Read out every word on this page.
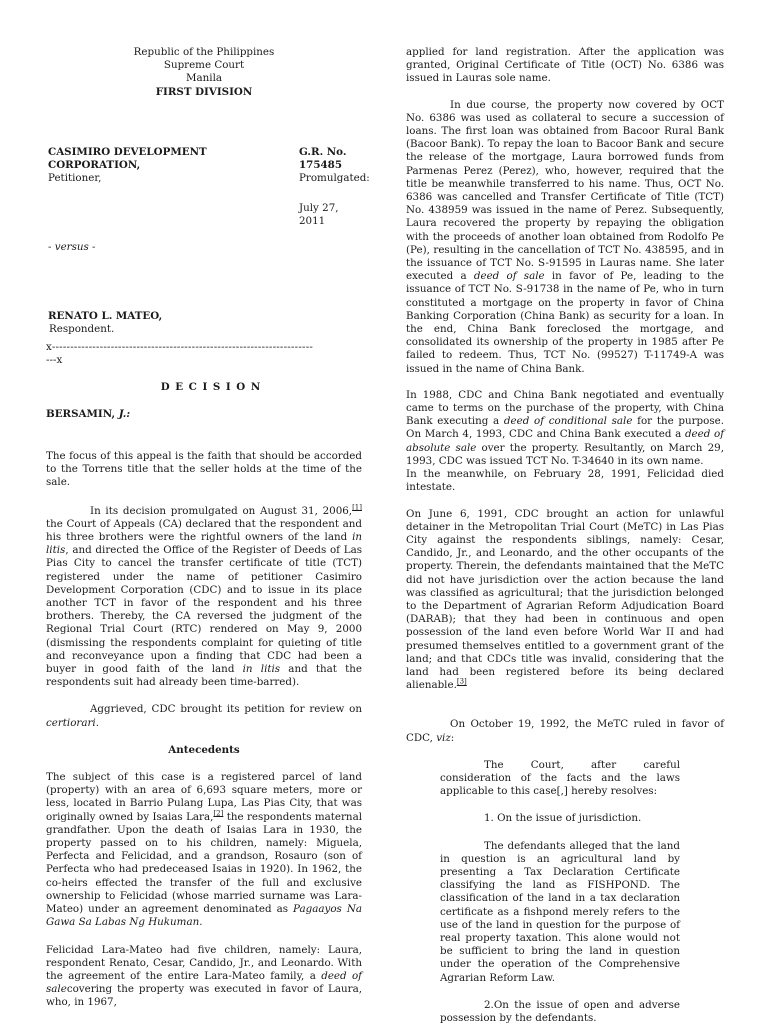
Republic of the Philippines

Supreme Court

Manila

FIRST DIVISION

CASIMIRO DEVELOPMENT	G.R. No. 175485
CORPORATION,
Petitioner,	Promulgated:

July 27, 2011

- versus -

RENATO L. MATEO,

Respondent.

x-----------------------------------------------------------------------

---x

D E C I S I O N

BERSAMIN, J.:

The focus of this appeal is the faith that should be accorded to the Torrens title that the seller holds at the time of the sale.

In its decision promulgated on August 31, 2006,[1] the Court of Appeals (CA) declared that the respondent and his three brothers were the rightful owners of the land in litis, and directed the Office of the Register of Deeds of Las Pias City to cancel the transfer certificate of title (TCT) registered under the name of petitioner Casimiro Development Corporation (CDC) and to issue in its place another TCT in favor of the respondent and his three brothers. Thereby, the CA reversed the judgment of the Regional Trial Court (RTC) rendered on May 9, 2000 (dismissing the respondents complaint for quieting of title and reconveyance upon a finding that CDC had been a buyer in good faith of the land in litis and that the respondents suit had already been time-barred).

Aggrieved, CDC brought its petition for review on certiorari.

Antecedents

The subject of this case is a registered parcel of land (property) with an area of 6,693 square meters, more or less, located in Barrio Pulang Lupa, Las Pias City, that was originally owned by Isaias Lara,[2] the respondents maternal grandfather. Upon the death of Isaias Lara in 1930, the property passed on to his children, namely: Miguela, Perfecta and Felicidad, and a grandson, Rosauro (son of Perfecta who had predeceased Isaias in 1920). In 1962, the co-heirs effected the transfer of the full and exclusive ownership to Felicidad (whose married surname was Lara-Mateo) under an agreement denominated as Pagaayos Na Gawa Sa Labas Ng Hukuman.

Felicidad Lara-Mateo had five children, namely: Laura, respondent Renato, Cesar, Candido, Jr., and Leonardo. With the agreement of the entire Lara-Mateo family, a deed of salecovering the property was executed in favor of Laura, who, in 1967,

applied for land registration. After the application was granted, Original Certificate of Title (OCT) No. 6386 was issued in Lauras sole name.

In due course, the property now covered by OCT No. 6386 was used as collateral to secure a succession of loans. The first loan was obtained from Bacoor Rural Bank (Bacoor Bank). To repay the loan to Bacoor Bank and secure the release of the mortgage, Laura borrowed funds from Parmenas Perez (Perez), who, however, required that the title be meanwhile transferred to his name. Thus, OCT No. 6386 was cancelled and Transfer Certificate of Title (TCT) No. 438959 was issued in the name of Perez. Subsequently, Laura recovered the property by repaying the obligation with the proceeds of another loan obtained from Rodolfo Pe (Pe), resulting in the cancellation of TCT No. 438595, and in the issuance of TCT No. S-91595 in Lauras name. She later executed a deed of sale in favor of Pe, leading to the issuance of TCT No. S-91738 in the name of Pe, who in turn constituted a mortgage on the property in favor of China Banking Corporation (China Bank) as security for a loan. In the end, China Bank foreclosed the mortgage, and consolidated its ownership of the property in 1985 after Pe failed to redeem. Thus, TCT No. (99527) T-11749-A was issued in the name of China Bank.

In 1988, CDC and China Bank negotiated and eventually came to terms on the purchase of the property, with China Bank executing a deed of conditional sale for the purpose. On March 4, 1993, CDC and China Bank executed a deed of absolute sale over the property. Resultantly, on March 29, 1993, CDC was issued TCT No. T-34640 in its own name.

In the meanwhile, on February 28, 1991, Felicidad died intestate.

On June 6, 1991, CDC brought an action for unlawful detainer in the Metropolitan Trial Court (MeTC) in Las Pias City against the respondents siblings, namely: Cesar, Candido, Jr., and Leonardo, and the other occupants of the property. Therein, the defendants maintained that the MeTC did not have jurisdiction over the action because the land was classified as agricultural; that the jurisdiction belonged to the Department of Agrarian Reform Adjudication Board (DARAB); that they had been in continuous and open possession of the land even before World War II and had presumed themselves entitled to a government grant of the land; and that CDCs title was invalid, considering that the land had been registered before its being declared alienable.[3]

On October 19, 1992, the MeTC ruled in favor of CDC, viz:

The Court, after careful consideration of the facts and the laws applicable to this case[,] hereby resolves:

1. On the issue of jurisdiction.

The defendants alleged that the land in question is an agricultural land by presenting a Tax Declaration Certificate classifying the land as FISHPOND. The classification of the land in a tax declaration certificate as a fishpond merely refers to the use of the land in question for the purpose of real property taxation. This alone would not be sufficient to bring the land in question under the operation of the Comprehensive Agrarian Reform Law.

2.On the issue of open and adverse possession by the defendants.
